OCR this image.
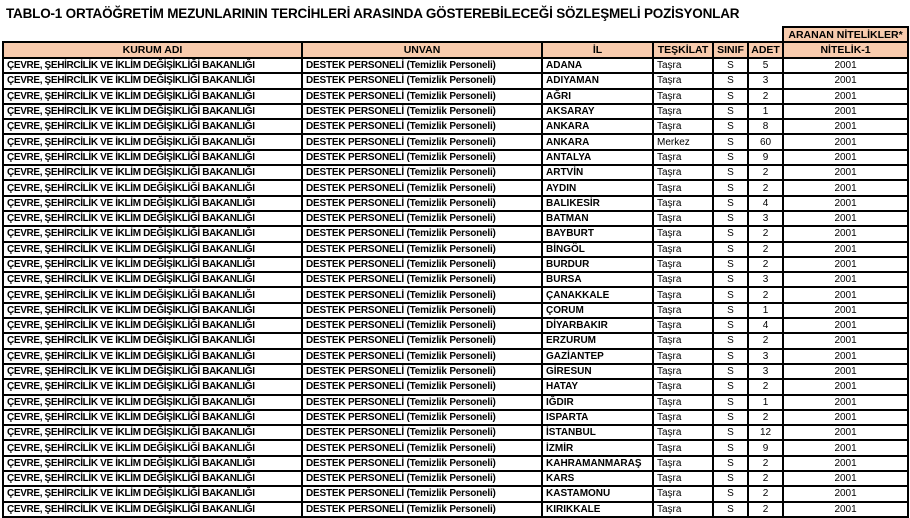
TABLO-1 ORTAÖĞRETİM MEZUNLARININ TERCİHLERİ ARASINDA GÖSTEREBİLECEĞİ SÖZLEŞMELİ POZİSYONLAR
						ARANAN NİTELİKLER*
KURUM ADI	UNVAN	İL	TEŞKİLAT	SINIF	ADET	NİTELİK-1
ÇEVRE, ŞEHİRCİLİK VE İKLİM DEĞİŞİKLİĞİ BAKANLIĞI	DESTEK PERSONELİ (Temizlik Personeli)	ADANA	Taşra	S	5	2001
ÇEVRE, ŞEHİRCİLİK VE İKLİM DEĞİŞİKLİĞİ BAKANLIĞI	DESTEK PERSONELİ (Temizlik Personeli)	ADIYAMAN	Taşra	S	3	2001
ÇEVRE, ŞEHİRCİLİK VE İKLİM DEĞİŞİKLİĞİ BAKANLIĞI	DESTEK PERSONELİ (Temizlik Personeli)	AĞRI	Taşra	S	2	2001
ÇEVRE, ŞEHİRCİLİK VE İKLİM DEĞİŞİKLİĞİ BAKANLIĞI	DESTEK PERSONELİ (Temizlik Personeli)	AKSARAY	Taşra	S	1	2001
ÇEVRE, ŞEHİRCİLİK VE İKLİM DEĞİŞİKLİĞİ BAKANLIĞI	DESTEK PERSONELİ (Temizlik Personeli)	ANKARA	Taşra	S	8	2001
ÇEVRE, ŞEHİRCİLİK VE İKLİM DEĞİŞİKLİĞİ BAKANLIĞI	DESTEK PERSONELİ (Temizlik Personeli)	ANKARA	Merkez	S	60	2001
ÇEVRE, ŞEHİRCİLİK VE İKLİM DEĞİŞİKLİĞİ BAKANLIĞI	DESTEK PERSONELİ (Temizlik Personeli)	ANTALYA	Taşra	S	9	2001
ÇEVRE, ŞEHİRCİLİK VE İKLİM DEĞİŞİKLİĞİ BAKANLIĞI	DESTEK PERSONELİ (Temizlik Personeli)	ARTVİN	Taşra	S	2	2001
ÇEVRE, ŞEHİRCİLİK VE İKLİM DEĞİŞİKLİĞİ BAKANLIĞI	DESTEK PERSONELİ (Temizlik Personeli)	AYDIN	Taşra	S	2	2001
ÇEVRE, ŞEHİRCİLİK VE İKLİM DEĞİŞİKLİĞİ BAKANLIĞI	DESTEK PERSONELİ (Temizlik Personeli)	BALIKESİR	Taşra	S	4	2001
ÇEVRE, ŞEHİRCİLİK VE İKLİM DEĞİŞİKLİĞİ BAKANLIĞI	DESTEK PERSONELİ (Temizlik Personeli)	BATMAN	Taşra	S	3	2001
ÇEVRE, ŞEHİRCİLİK VE İKLİM DEĞİŞİKLİĞİ BAKANLIĞI	DESTEK PERSONELİ (Temizlik Personeli)	BAYBURT	Taşra	S	2	2001
ÇEVRE, ŞEHİRCİLİK VE İKLİM DEĞİŞİKLİĞİ BAKANLIĞI	DESTEK PERSONELİ (Temizlik Personeli)	BİNGÖL	Taşra	S	2	2001
ÇEVRE, ŞEHİRCİLİK VE İKLİM DEĞİŞİKLİĞİ BAKANLIĞI	DESTEK PERSONELİ (Temizlik Personeli)	BURDUR	Taşra	S	2	2001
ÇEVRE, ŞEHİRCİLİK VE İKLİM DEĞİŞİKLİĞİ BAKANLIĞI	DESTEK PERSONELİ (Temizlik Personeli)	BURSA	Taşra	S	3	2001
ÇEVRE, ŞEHİRCİLİK VE İKLİM DEĞİŞİKLİĞİ BAKANLIĞI	DESTEK PERSONELİ (Temizlik Personeli)	ÇANAKKALE	Taşra	S	2	2001
ÇEVRE, ŞEHİRCİLİK VE İKLİM DEĞİŞİKLİĞİ BAKANLIĞI	DESTEK PERSONELİ (Temizlik Personeli)	ÇORUM	Taşra	S	1	2001
ÇEVRE, ŞEHİRCİLİK VE İKLİM DEĞİŞİKLİĞİ BAKANLIĞI	DESTEK PERSONELİ (Temizlik Personeli)	DİYARBAKIR	Taşra	S	4	2001
ÇEVRE, ŞEHİRCİLİK VE İKLİM DEĞİŞİKLİĞİ BAKANLIĞI	DESTEK PERSONELİ (Temizlik Personeli)	ERZURUM	Taşra	S	2	2001
ÇEVRE, ŞEHİRCİLİK VE İKLİM DEĞİŞİKLİĞİ BAKANLIĞI	DESTEK PERSONELİ (Temizlik Personeli)	GAZİANTEP	Taşra	S	3	2001
ÇEVRE, ŞEHİRCİLİK VE İKLİM DEĞİŞİKLİĞİ BAKANLIĞI	DESTEK PERSONELİ (Temizlik Personeli)	GİRESUN	Taşra	S	3	2001
ÇEVRE, ŞEHİRCİLİK VE İKLİM DEĞİŞİKLİĞİ BAKANLIĞI	DESTEK PERSONELİ (Temizlik Personeli)	HATAY	Taşra	S	2	2001
ÇEVRE, ŞEHİRCİLİK VE İKLİM DEĞİŞİKLİĞİ BAKANLIĞI	DESTEK PERSONELİ (Temizlik Personeli)	IĞDIR	Taşra	S	1	2001
ÇEVRE, ŞEHİRCİLİK VE İKLİM DEĞİŞİKLİĞİ BAKANLIĞI	DESTEK PERSONELİ (Temizlik Personeli)	ISPARTA	Taşra	S	2	2001
ÇEVRE, ŞEHİRCİLİK VE İKLİM DEĞİŞİKLİĞİ BAKANLIĞI	DESTEK PERSONELİ (Temizlik Personeli)	İSTANBUL	Taşra	S	12	2001
ÇEVRE, ŞEHİRCİLİK VE İKLİM DEĞİŞİKLİĞİ BAKANLIĞI	DESTEK PERSONELİ (Temizlik Personeli)	İZMİR	Taşra	S	9	2001
ÇEVRE, ŞEHİRCİLİK VE İKLİM DEĞİŞİKLİĞİ BAKANLIĞI	DESTEK PERSONELİ (Temizlik Personeli)	KAHRAMANMARAŞ	Taşra	S	2	2001
ÇEVRE, ŞEHİRCİLİK VE İKLİM DEĞİŞİKLİĞİ BAKANLIĞI	DESTEK PERSONELİ (Temizlik Personeli)	KARS	Taşra	S	2	2001
ÇEVRE, ŞEHİRCİLİK VE İKLİM DEĞİŞİKLİĞİ BAKANLIĞI	DESTEK PERSONELİ (Temizlik Personeli)	KASTAMONU	Taşra	S	2	2001
ÇEVRE, ŞEHİRCİLİK VE İKLİM DEĞİŞİKLİĞİ BAKANLIĞI	DESTEK PERSONELİ (Temizlik Personeli)	KIRIKKALE	Taşra	S	2	2001
